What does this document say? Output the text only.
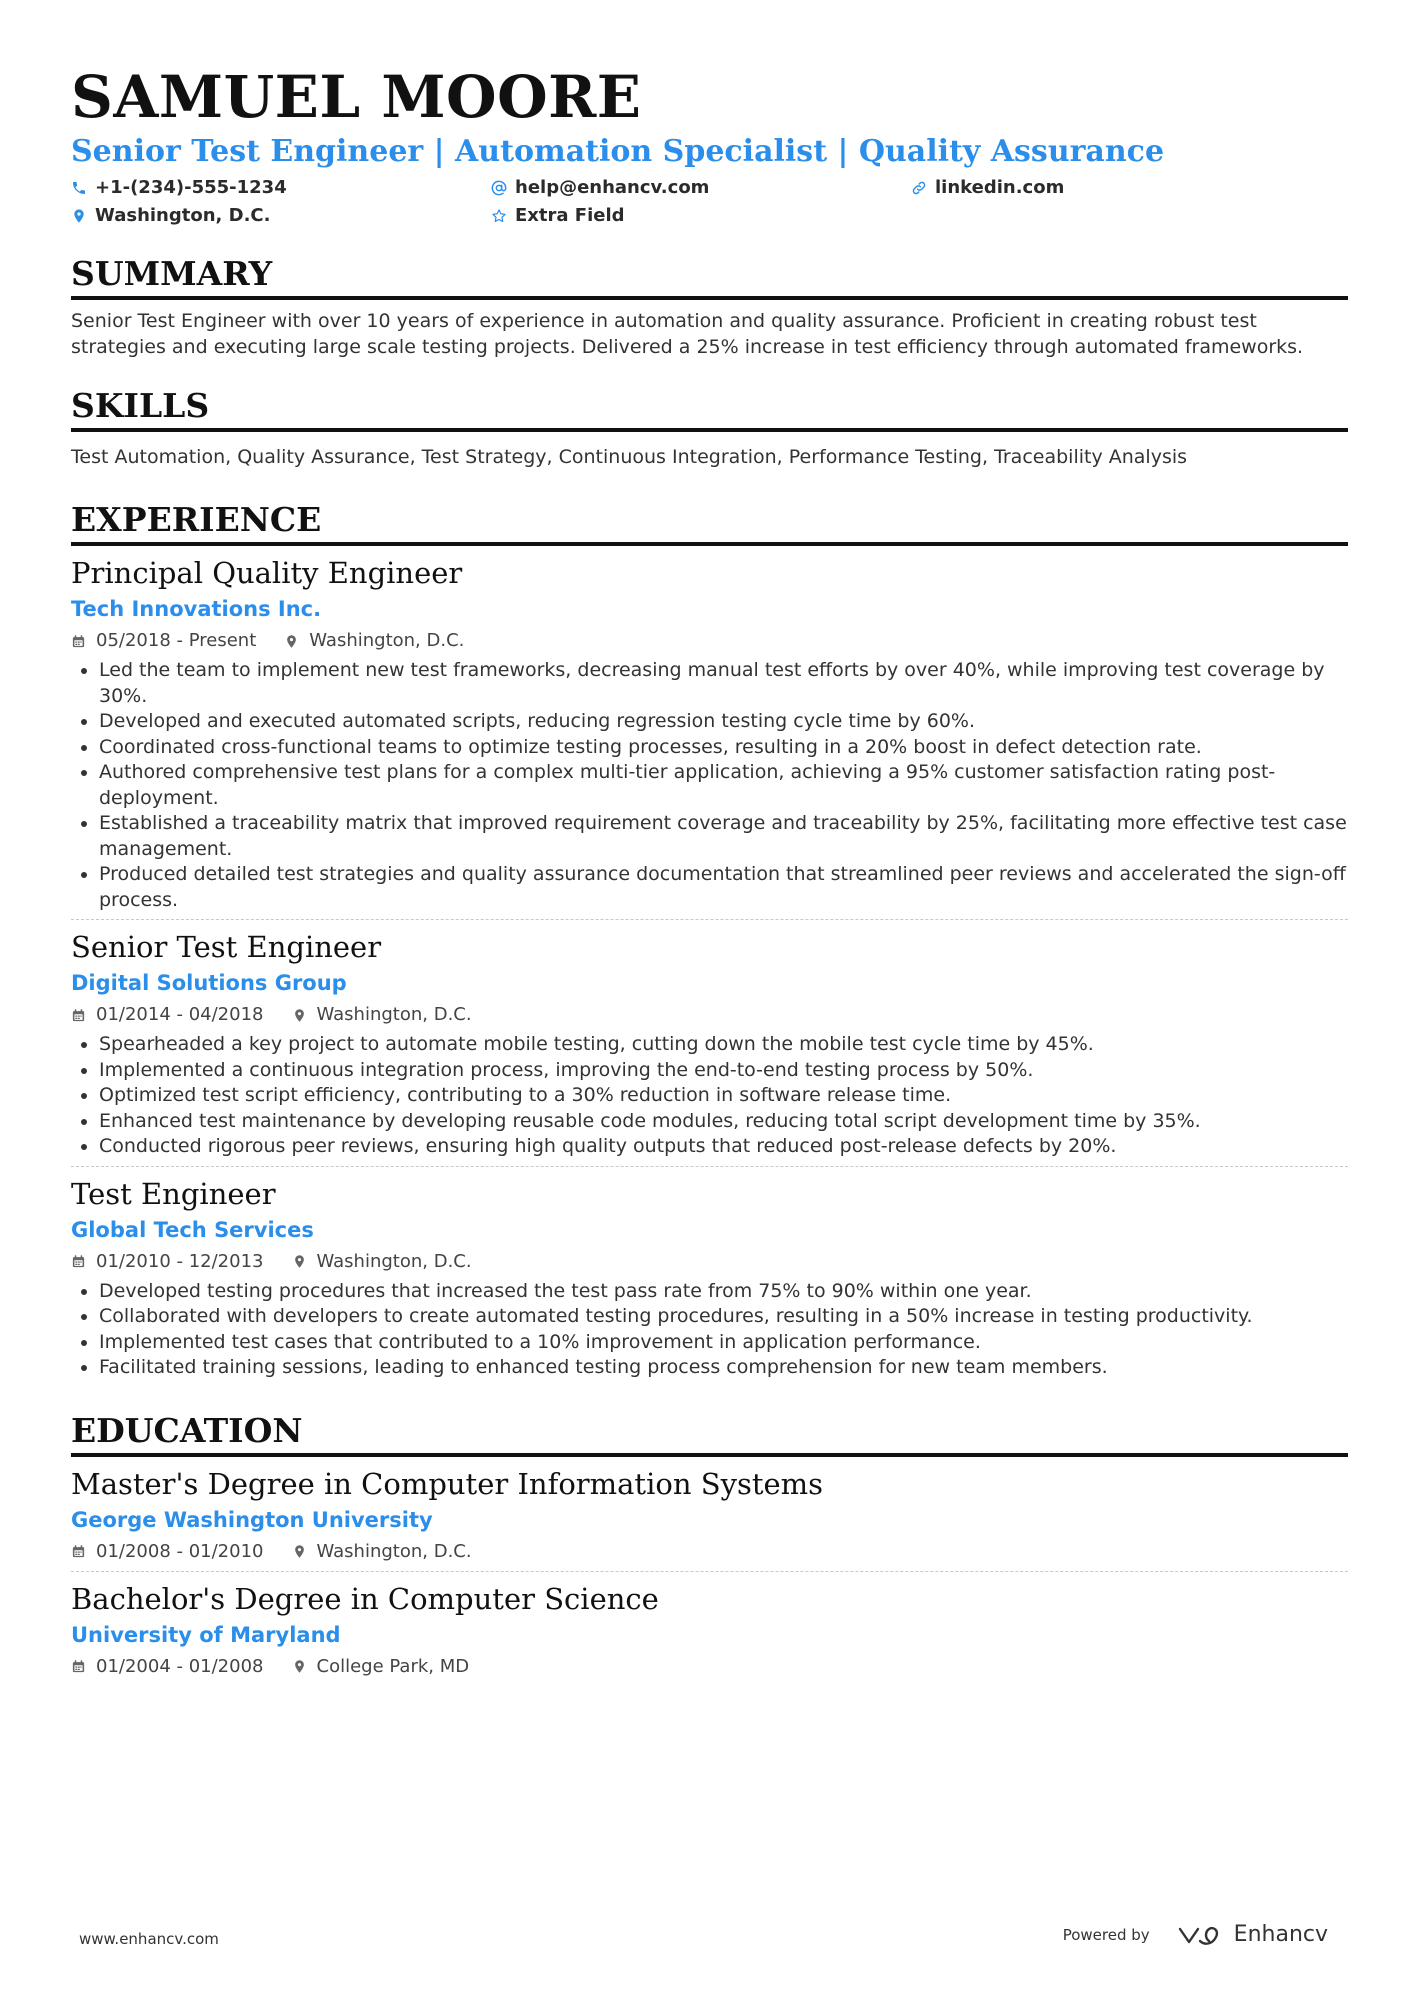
SAMUEL MOORE
Senior Test Engineer | Automation Specialist | Quality Assurance
+1-(234)-555-1234	help@enhancv.com	linkedin.com
Washington, D.C.	Extra Field
SUMMARY
Senior Test Engineer with over 10 years of experience in automation and quality assurance. Proficient in creating robust test strategies and executing large scale testing projects. Delivered a 25% increase in test efficiency through automated frameworks.
SKILLS
Test Automation, Quality Assurance, Test Strategy, Continuous Integration, Performance Testing, Traceability Analysis
EXPERIENCE
Principal Quality Engineer
Tech Innovations Inc.
05/2018 - Present	Washington, D.C.
• Led the team to implement new test frameworks, decreasing manual test efforts by over 40%, while improving test coverage by 30%.
• Developed and executed automated scripts, reducing regression testing cycle time by 60%.
• Coordinated cross-functional teams to optimize testing processes, resulting in a 20% boost in defect detection rate.
• Authored comprehensive test plans for a complex multi-tier application, achieving a 95% customer satisfaction rating post-deployment.
• Established a traceability matrix that improved requirement coverage and traceability by 25%, facilitating more effective test case management.
• Produced detailed test strategies and quality assurance documentation that streamlined peer reviews and accelerated the sign-off process.
Senior Test Engineer
Digital Solutions Group
01/2014 - 04/2018	Washington, D.C.
• Spearheaded a key project to automate mobile testing, cutting down the mobile test cycle time by 45%.
• Implemented a continuous integration process, improving the end-to-end testing process by 50%.
• Optimized test script efficiency, contributing to a 30% reduction in software release time.
• Enhanced test maintenance by developing reusable code modules, reducing total script development time by 35%.
• Conducted rigorous peer reviews, ensuring high quality outputs that reduced post-release defects by 20%.
Test Engineer
Global Tech Services
01/2010 - 12/2013	Washington, D.C.
• Developed testing procedures that increased the test pass rate from 75% to 90% within one year.
• Collaborated with developers to create automated testing procedures, resulting in a 50% increase in testing productivity.
• Implemented test cases that contributed to a 10% improvement in application performance.
• Facilitated training sessions, leading to enhanced testing process comprehension for new team members.
EDUCATION
Master's Degree in Computer Information Systems
George Washington University
01/2008 - 01/2010	Washington, D.C.
Bachelor's Degree in Computer Science
University of Maryland
01/2004 - 01/2008	College Park, MD
www.enhancv.com	Powered by	Enhancv
